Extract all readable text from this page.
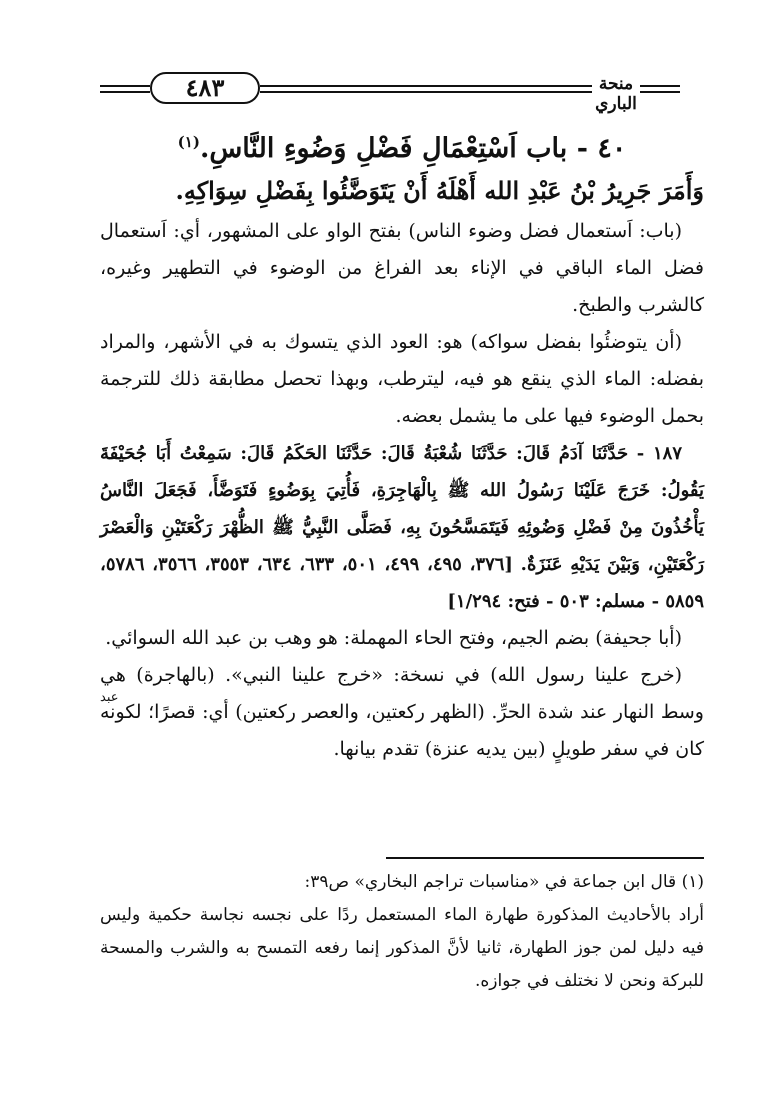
٤٨٣	منحة الباري

٤٠ - باب اَسْتِعْمَالِ فَضْلِ وَضُوءِ النَّاسِ.$^{(١)}$

وَأَمَرَ جَرِيرُ بْنُ عَبْدِ الله أَهْلَهُ أَنْ يَتَوَضَّئُوا بِفَضْلِ سِوَاكِهِ.

(باب: اَستعمال فضل وضوء الناس) بفتح الواو على المشهور، أي: اَستعمال فضل الماء الباقي في الإناء بعد الفراغ من الوضوء في التطهير وغيره، كالشرب والطبخ.

(أن يتوضئُوا بفضل سواكه) هو: العود الذي يتسوك به في الأشهر، والمراد بفضله: الماء الذي ينقع هو فيه، ليترطب، وبهذا تحصل مطابقة ذلك للترجمة بحمل الوضوء فيها على ما يشمل بعضه.

١٨٧ - حَدَّثَنَا آدَمُ قَالَ: حَدَّثَنَا شُعْبَةُ قَالَ: حَدَّثَنَا الحَكَمُ قَالَ: سَمِعْتُ أَبَا جُحَيْفَةَ يَقُولُ: خَرَجَ عَلَيْنَا رَسُولُ الله ﷺ بِالْهَاجِرَةِ، فَأُتِيَ بِوَضُوءٍ فَتَوَضَّأَ، فَجَعَلَ النَّاسُ يَأْخُذُونَ مِنْ فَضْلِ وَضُوئِهِ فَيَتَمَسَّحُونَ بِهِ، فَصَلَّى النَّبِيُّ ﷺ الظُّهْرَ رَكْعَتَيْنِ وَالْعَصْرَ رَكْعَتَيْنِ، وَبَيْنَ يَدَيْهِ عَنَزَةٌ. [٣٧٦، ٤٩٥، ٤٩٩، ٥٠١، ٦٣٣، ٦٣٤، ٣٥٥٣، ٣٥٦٦، ٥٧٨٦، ٥٨٥٩ - مسلم: ٥٠٣ - فتح: ١/٢٩٤]

(أبا جحيفة) بضم الجيم، وفتح الحاء المهملة: هو وهب بن عبد الله السوائي.

(خرج علينا رسول الله) في نسخة: «خرج علينا النبي». (بالهاجرة) هي وسط النهار عند شدة الحرِّ. (الظهر ركعتين، والعصر ركعتين) أي: قصرًا؛ لكونه كان في سفر طويلٍ (بين يديه عنزة) تقدم بيانها.

عبد

(١) قال ابن جماعة في «مناسبات تراجم البخاري» ص٣٩:

أراد بالأحاديث المذكورة طهارة الماء المستعمل ردًا على نجسه نجاسة حكمية وليس فيه دليل لمن جوز الطهارة، ثانيا لأنَّ المذكور إنما رفعه التمسح به والشرب والمسحة للبركة ونحن لا نختلف في جوازه.
